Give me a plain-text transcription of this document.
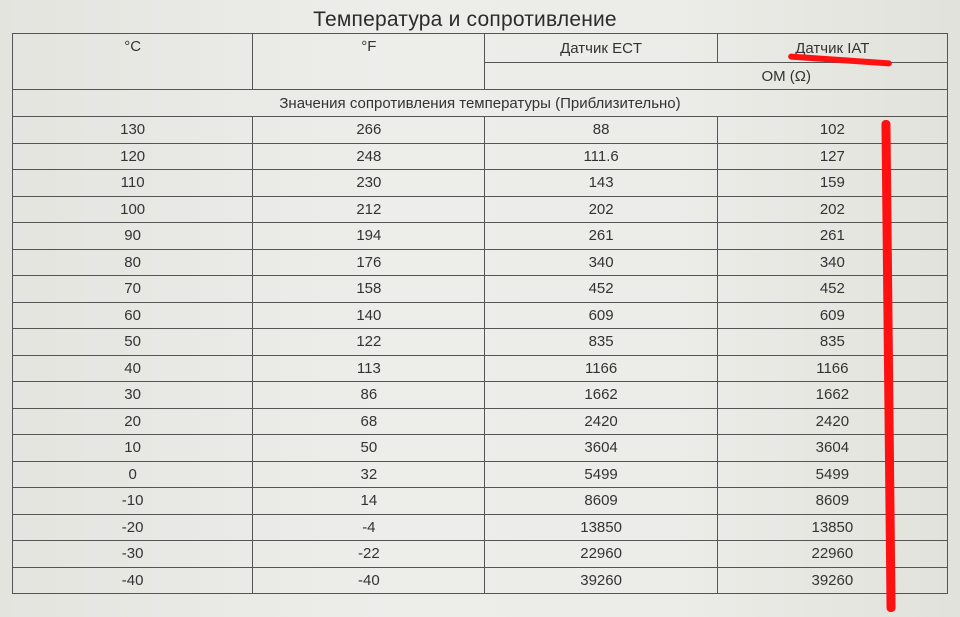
Температура и сопротивление
°C	°F	Датчик ECT	Датчик IAT
		ОМ (Ω)	
Значения сопротивления температуры (Приблизительно)			
130	266	88	102
120	248	111.6	127
110	230	143	159
100	212	202	202
90	194	261	261
80	176	340	340
70	158	452	452
60	140	609	609
50	122	835	835
40	113	1166	1166
30	86	1662	1662
20	68	2420	2420
10	50	3604	3604
0	32	5499	5499
-10	14	8609	8609
-20	-4	13850	13850
-30	-22	22960	22960
-40	-40	39260	39260
